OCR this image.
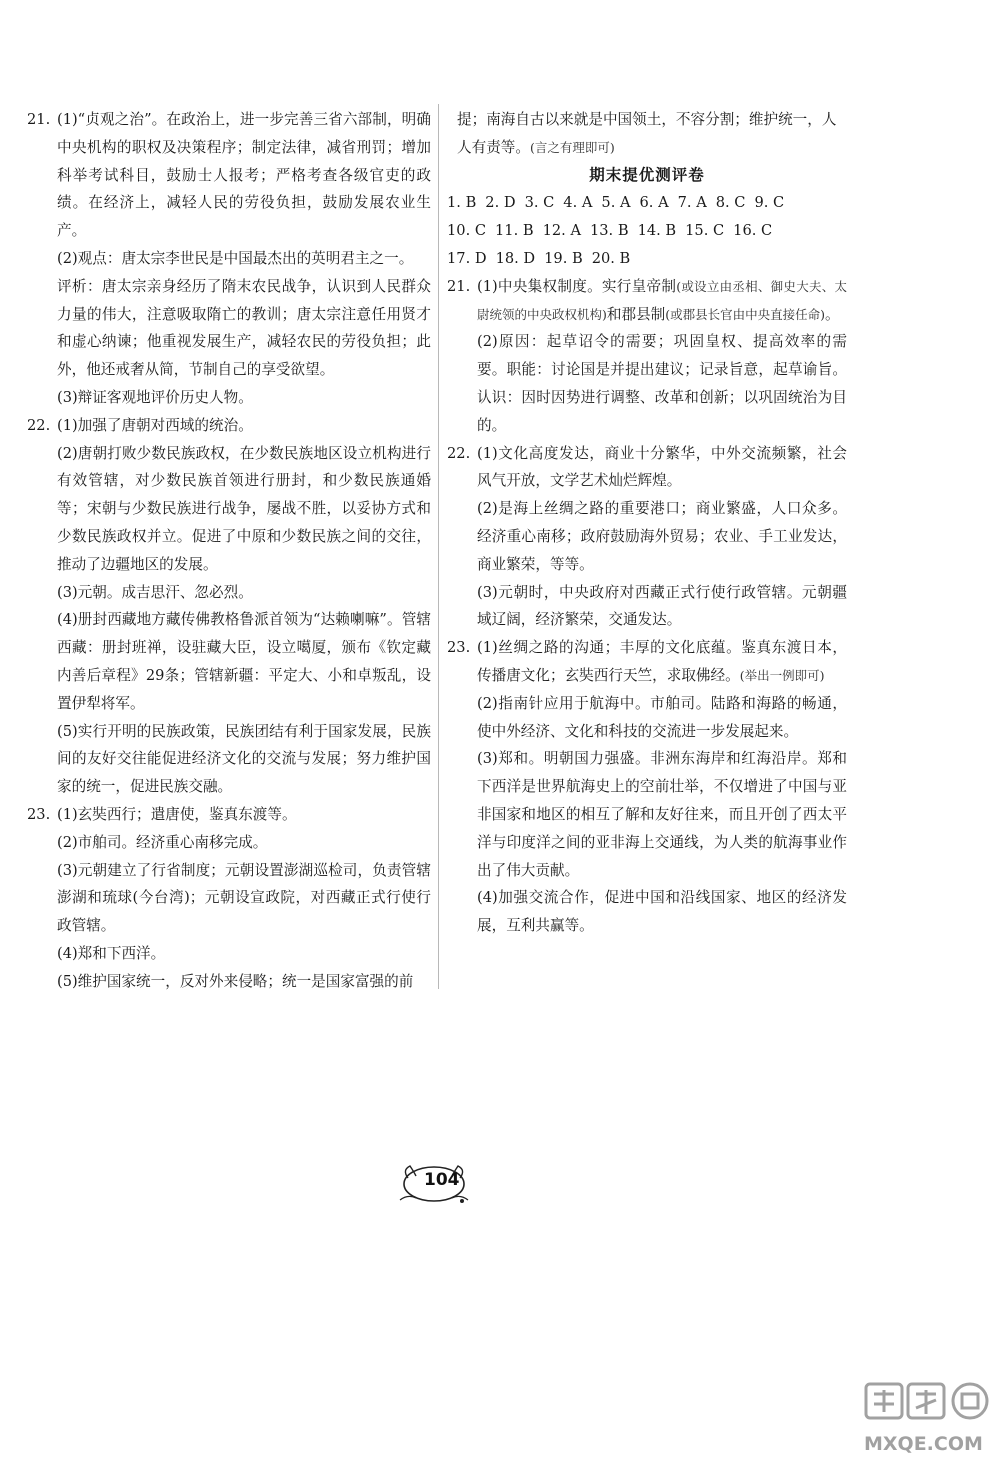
21. (1)“贞观之治”。在政治上，进一步完善三省六部制，明确中央机构的职权及决策程序；制定法律，减省刑罚；增加科举考试科目，鼓励士人报考；严格考查各级官吏的政绩。在经济上，减轻人民的劳役负担，鼓励发展农业生产。
(2)观点：唐太宗李世民是中国最杰出的英明君主之一。
评析：唐太宗亲身经历了隋末农民战争，认识到人民群众力量的伟大，注意吸取隋亡的教训；唐太宗注意任用贤才和虚心纳谏；他重视发展生产，减轻农民的劳役负担；此外，他还戒奢从简，节制自己的享受欲望。
(3)辩证客观地评价历史人物。
22. (1)加强了唐朝对西域的统治。
(2)唐朝打败少数民族政权，在少数民族地区设立机构进行有效管辖，对少数民族首领进行册封，和少数民族通婚等；宋朝与少数民族进行战争，屡战不胜，以妥协方式和少数民族政权并立。促进了中原和少数民族之间的交往，推动了边疆地区的发展。
(3)元朝。成吉思汗、忽必烈。
(4)册封西藏地方藏传佛教格鲁派首领为“达赖喇嘛”。管辖西藏：册封班禅，设驻藏大臣，设立噶厦，颁布《钦定藏内善后章程》29条；管辖新疆：平定大、小和卓叛乱，设置伊犁将军。
(5)实行开明的民族政策，民族团结有利于国家发展，民族间的友好交往能促进经济文化的交流与发展；努力维护国家的统一，促进民族交融。
23. (1)玄奘西行；遣唐使，鉴真东渡等。
(2)市舶司。经济重心南移完成。
(3)元朝建立了行省制度；元朝设置澎湖巡检司，负责管辖澎湖和琉球(今台湾)；元朝设宣政院，对西藏正式行使行政管辖。
(4)郑和下西洋。
(5)维护国家统一，反对外来侵略；统一是国家富强的前
提；南海自古以来就是中国领土，不容分割；维护统一，人人有责等。(言之有理即可)
期末提优测评卷
1. B 2. D 3. C 4. A 5. A 6. A 7. A 8. C 9. C
10. C 11. B 12. A 13. B 14. B 15. C 16. C
17. D 18. D 19. B 20. B
21. (1)中央集权制度。实行皇帝制(或设立由丞相、御史大夫、太尉统领的中央政权机构)和郡县制(或郡县长官由中央直接任命)。
(2)原因：起草诏令的需要；巩固皇权、提高效率的需要。职能：讨论国是并提出建议；记录旨意，起草谕旨。认识：因时因势进行调整、改革和创新；以巩固统治为目的。
22. (1)文化高度发达，商业十分繁华，中外交流频繁，社会风气开放，文学艺术灿烂辉煌。
(2)是海上丝绸之路的重要港口；商业繁盛，人口众多。经济重心南移；政府鼓励海外贸易；农业、手工业发达，商业繁荣，等等。
(3)元朝时，中央政府对西藏正式行使行政管辖。元朝疆域辽阔，经济繁荣，交通发达。
23. (1)丝绸之路的沟通；丰厚的文化底蕴。鉴真东渡日本，传播唐文化；玄奘西行天竺，求取佛经。(举出一例即可)
(2)指南针应用于航海中。市舶司。陆路和海路的畅通，使中外经济、文化和科技的交流进一步发展起来。
(3)郑和。明朝国力强盛。非洲东海岸和红海沿岸。郑和下西洋是世界航海史上的空前壮举，不仅增进了中国与亚非国家和地区的相互了解和友好往来，而且开创了西太平洋与印度洋之间的亚非海上交通线，为人类的航海事业作出了伟大贡献。
(4)加强交流合作，促进中国和沿线国家、地区的经济发展，互利共赢等。
104
MXQE.COM
